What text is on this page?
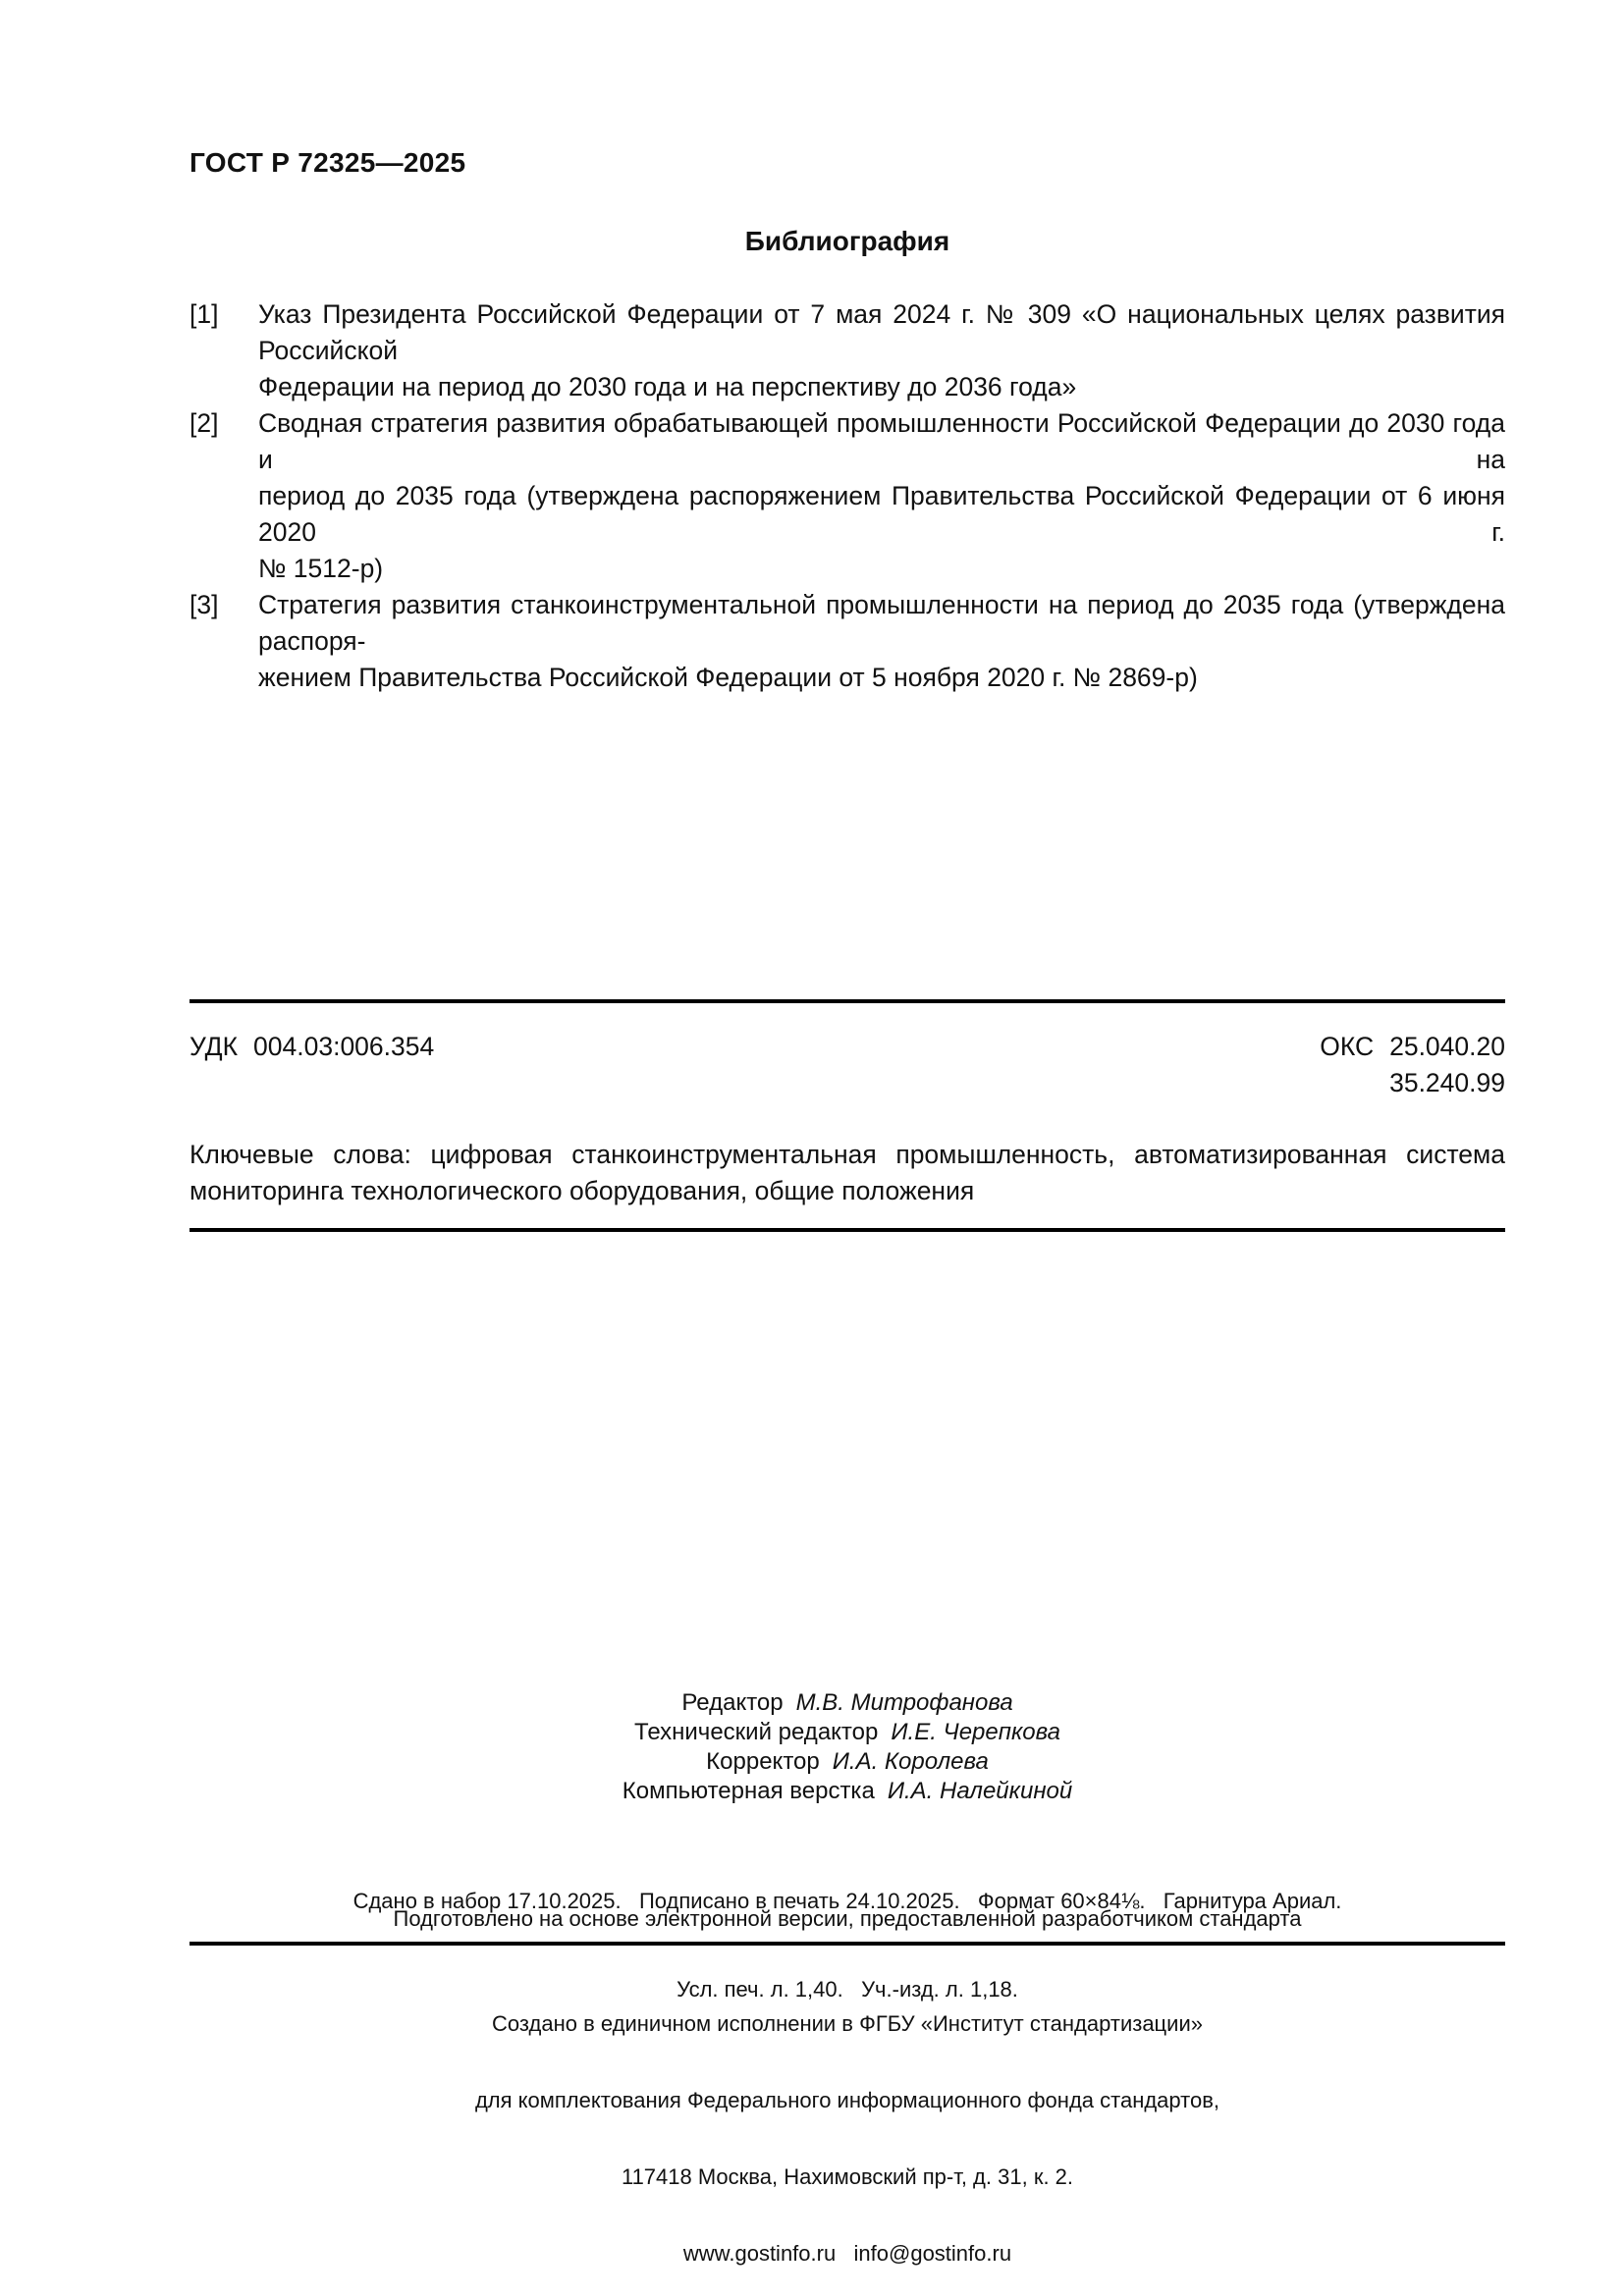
ГОСТ Р 72325—2025
Библиография
[1] Указ Президента Российской Федерации от 7 мая 2024 г. № 309 «О национальных целях развития Российской
Федерации на период до 2030 года и на перспективу до 2036 года»
[2] Сводная стратегия развития обрабатывающей промышленности Российской Федерации до 2030 года и на
период до 2035 года (утверждена распоряжением Правительства Российской Федерации от 6 июня 2020 г.
№ 1512-р)
[3] Стратегия развития станкоинструментальной промышленности на период до 2035 года (утверждена распоря-
жением Правительства Российской Федерации от 5 ноября 2020 г. № 2869-р)
УДК 004.03:006.354	ОКС 25.040.20
35.240.99
Ключевые слова: цифровая станкоинструментальная промышленность, автоматизированная система
мониторинга технологического оборудования, общие положения
Редактор М.В. Митрофанова
Технический редактор И.Е. Черепкова
Корректор И.А. Королева
Компьютерная верстка И.А. Налейкиной

Сдано в набор 17.10.2025.   Подписано в печать 24.10.2025.   Формат 60×84⅛.   Гарнитура Ариал.

Усл. печ. л. 1,40.   Уч.-изд. л. 1,18.

Подготовлено на основе электронной версии, предоставленной разработчиком стандарта

Создано в единичном исполнении в ФГБУ «Институт стандартизации»

для комплектования Федерального информационного фонда стандартов,

117418 Москва, Нахимовский пр-т, д. 31, к. 2.

www.gostinfo.ru   info@gostinfo.ru
